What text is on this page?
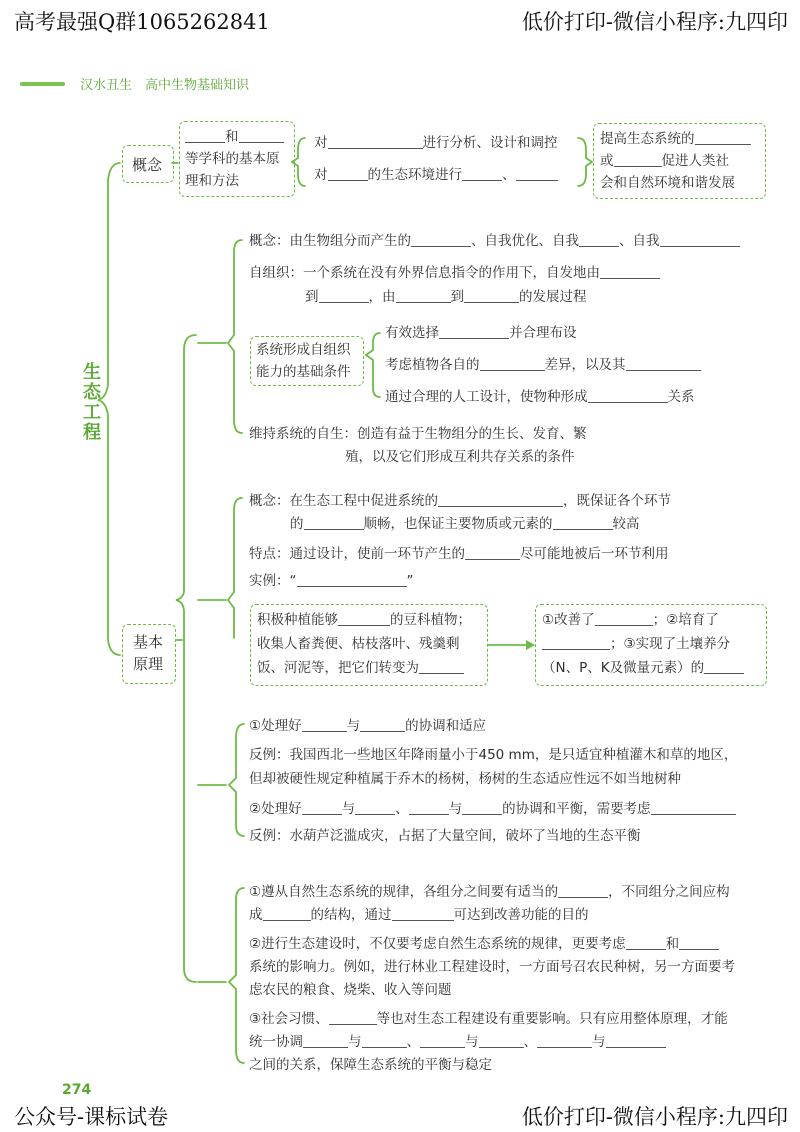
高考最强Q群1065262841	低价打印-微信小程序:九四印
公众号-课标试卷	低价打印-微信小程序:九四印
274
汉水丑生　高中生物基础知识
生态工程
概念
和
等学科的基本原
理和方法
对	进行分析、设计和调控
对	的生态环境进行	、
提高生态系统的
或	促进人类社
会和自然环境和谐发展
概念：由生物组分而产生的	、自我优化、自我	、自我
自组织：一个系统在没有外界信息指令的作用下，自发地由
到	，由	到	的发展过程
系统形成自组织
能力的基础条件
有效选择	并合理布设
考虑植物各自的	差异，以及其
通过合理的人工设计，使物种形成	关系
维持系统的自生：创造有益于生物组分的生长、发育、繁
殖，以及它们形成互利共存关系的条件
基本原理
概念：在生态工程中促进系统的	，既保证各个环节
的	顺畅，也保证主要物质或元素的	较高
特点：通过设计，使前一环节产生的	尽可能地被后一环节利用
实例：“	”
积极种植能够	的豆科植物；
收集人畜粪便、枯枝落叶、残羹剩
饭、河泥等，把它们转变为
①改善了	；②培育了
；③实现了土壤养分
（N、P、K及微量元素）的
①处理好	与	的协调和适应
反例：我国西北一些地区年降雨量小于450 mm，是只适宜种植灌木和草的地区，
但却被硬性规定种植属于乔木的杨树，杨树的生态适应性远不如当地树种
②处理好	与	、	与	的协调和平衡，需要考虑
反例：水葫芦泛滥成灾，占据了大量空间，破坏了当地的生态平衡
①遵从自然生态系统的规律，各组分之间要有适当的	，不同组分之间应构
成	的结构，通过	可达到改善功能的目的
②进行生态建设时，不仅要考虑自然生态系统的规律，更要考虑	和
系统的影响力。例如，进行林业工程建设时，一方面号召农民种树，另一方面要考
虑农民的粮食、烧柴、收入等问题
③社会习惯、	等也对生态工程建设有重要影响。只有应用整体原理，才能
统一协调	与	、	与	、	与
之间的关系，保障生态系统的平衡与稳定
